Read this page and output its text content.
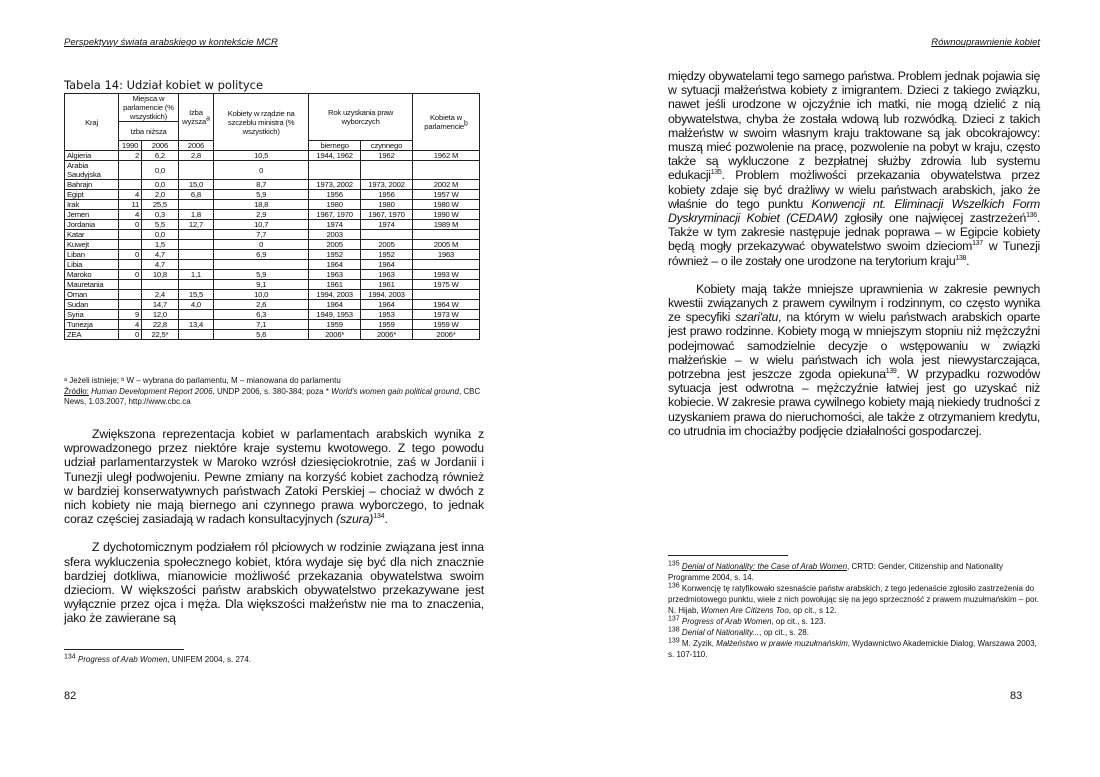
Perspektywy świata arabskiego w kontekście MCR
Tabela 14: Udział kobiet w polityce
Kraj	Miejsca w parlamencie (% wszystkich)		Izba wyższa$^a$	Kobiety w rządzie na szczeblu ministra (% wszystkich)	Rok uzyskania praw wyborczych		Kobieta w parlamencie$^b$
	Izba niższa						
	1990	2006	2006		biernego	czynnego	
Algieria	2	6,2	2,8	10,5	1944, 1962	1962	1962 M
Arabia Saudyjska		0,0		0			
Bahrajn		0,0	15,0	8,7	1973, 2002	1973, 2002	2002 M
Egipt	4	2,0	6,8	5,9	1956	1956	1957 W
Irak	11	25,5		18,8	1980	1980	1980 W
Jemen	4	0,3	1,8	2,9	1967, 1970	1967, 1970	1990 W
Jordania	0	5,5	12,7	10,7	1974	1974	1989 M
Katar		0,0		7,7	2003		
Kuwejt		1,5		0	2005	2005	2005 M
Liban	0	4,7		6,9	1952	1952	1963
Libia		4,7			1964	1964	
Maroko	0	10,8	1,1	5,9	1963	1963	1993 W
Mauretania				9,1	1961	1961	1975 W
Oman		2,4	15,5	10,0	1994, 2003	1994, 2003	
Sudan		14,7	4,0	2,6	1964	1964	1964 W
Syria	9	12,0		6,3	1949, 1953	1953	1973 W
Tunezja	4	22,8	13,4	7,1	1959	1959	1959 W
ZEA	0	22,5*		5,6	2006*	2006*	2006*
ᵃ Jeżeli istnieje; ᵇ W – wybrana do parlamentu, M – mianowana do parlamentu
Źródło: Human Development Report 2006, UNDP 2006, s. 380-384; poza * World's women gain political ground, CBC News, 1.03.2007, http://www.cbc.ca

Zwiększona reprezentacja kobiet w parlamentach arabskich wynika z wprowadzonego przez niektóre kraje systemu kwotowego. Z tego powodu udział parlamentarzystek w Maroko wzrósł dziesięciokrotnie, zaś w Jordanii i Tunezji uległ podwojeniu. Pewne zmiany na korzyść kobiet zachodzą również w bardziej konserwatywnych państwach Zatoki Perskiej – chociaż w dwóch z nich kobiety nie mają biernego ani czynnego prawa wyborczego, to jednak coraz częściej zasiadają w radach konsultacyjnych (szura)$^{134}$.

Z dychotomicznym podziałem ról płciowych w rodzinie związana jest inna sfera wykluczenia społecznego kobiet, która wydaje się być dla nich znacznie bardziej dotkliwa, mianowicie możliwość przekazania obywatelstwa swoim dzieciom. W większości państw arabskich obywatelstwo przekazywane jest wyłącznie przez ojca i męża. Dla większości małżeństw nie ma to znaczenia, jako że zawierane są

$^{134}$ Progress of Arab Women, UNIFEM 2004, s. 274.
82
Równouprawnienie kobiet

między obywatelami tego samego państwa. Problem jednak pojawia się w sytuacji małżeństwa kobiety z imigrantem. Dzieci z takiego związku, nawet jeśli urodzone w ojczyźnie ich matki, nie mogą dzielić z nią obywatelstwa, chyba że została wdową lub rozwódką. Dzieci z takich małżeństw w swoim własnym kraju traktowane są jak obcokrajowcy: muszą mieć pozwolenie na pracę, pozwolenie na pobyt w kraju, często także są wykluczone z bezpłatnej służby zdrowia lub systemu edukacji$^{135}$. Problem możliwości przekazania obywatelstwa przez kobiety zdaje się być drażliwy w wielu państwach arabskich, jako że właśnie do tego punktu Konwencji nt. Eliminacji Wszelkich Form Dyskryminacji Kobiet (CEDAW) zgłosiły one najwięcej zastrzeżeń$^{136}$. Także w tym zakresie następuje jednak poprawa – w Egipcie kobiety będą mogły przekazywać obywatelstwo swoim dzieciom$^{137}$ w Tunezji również – o ile zostały one urodzone na terytorium kraju$^{138}$.

Kobiety mają także mniejsze uprawnienia w zakresie pewnych kwestii związanych z prawem cywilnym i rodzinnym, co często wynika ze specyfiki szari'atu, na którym w wielu państwach arabskich oparte jest prawo rodzinne. Kobiety mogą w mniejszym stopniu niż mężczyźni podejmować samodzielnie decyzje o wstępowaniu w związki małżeńskie – w wielu państwach ich wola jest niewystarczająca, potrzebna jest jeszcze zgoda opiekuna$^{139}$. W przypadku rozwodów sytuacja jest odwrotna – mężczyźnie łatwiej jest go uzyskać niż kobiecie. W zakresie prawa cywilnego kobiety mają niekiedy trudności z uzyskaniem prawa do nieruchomości, ale także z otrzymaniem kredytu, co utrudnia im chociażby podjęcie działalności gospodarczej.

$^{135}$ Denial of Nationality: the Case of Arab Women, CRTD: Gender, Citizenship and Nationality Programme 2004, s. 14.
$^{136}$ Konwencję tę ratyfikowało szesnaście państw arabskich, z tego jedenaście zgłosiło zastrzeżenia do przedmiotowego punktu, wiele z nich powołując się na jego sprzeczność z prawem muzułmańskim – por. N. Hijab, Women Are Citizens Too, op cit., s 12.
$^{137}$ Progress of Arab Women, op cit., s. 123.
$^{138}$ Denial of Nationality..., op cit., s. 28.
$^{139}$ M. Zyzik, Małżeństwo w prawie muzułmańskim, Wydawnictwo Akademickie Dialog, Warszawa 2003, s. 107-110.
83
